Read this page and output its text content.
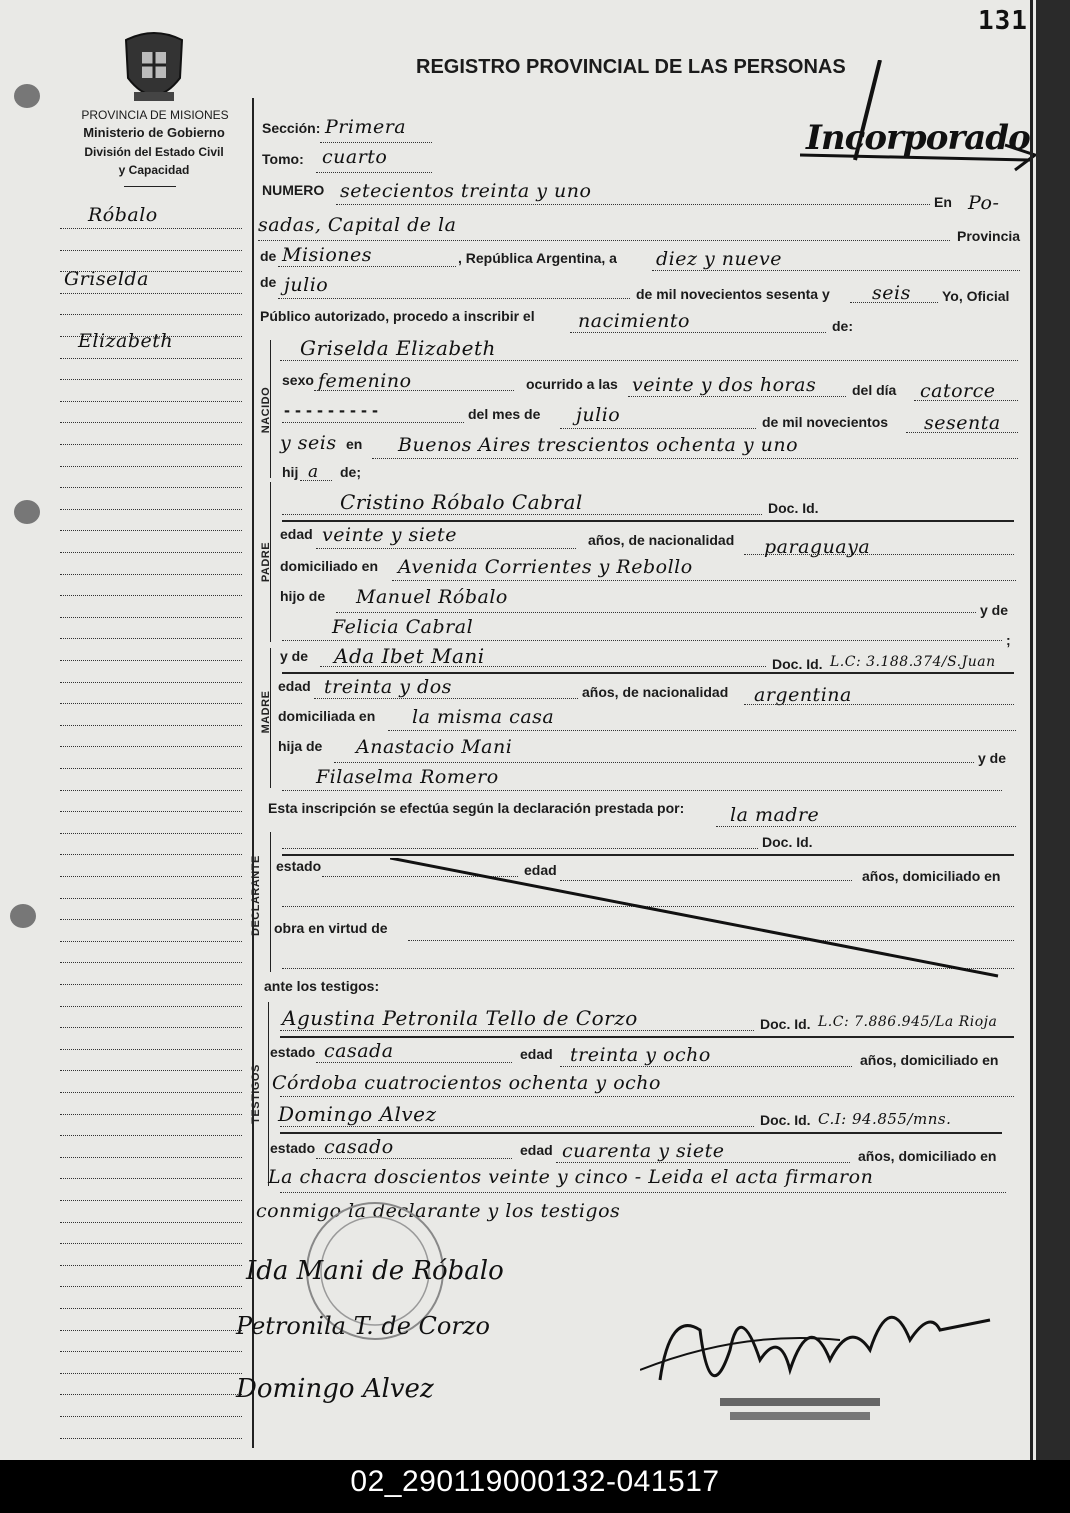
131
REGISTRO PROVINCIAL DE LAS PERSONAS
Incorporado
PROVINCIA DE MISIONES
Ministerio de Gobierno
División del Estado Civil
y Capacidad
Róbalo
Griselda
Elizabeth
Sección: Primera
Tomo: cuarto
NUMERO setecientos treinta y uno	En Po-
sadas, Capital de la	Provincia
de Misiones	, República Argentina, a diez y nueve
de julio	de mil novecientos sesenta y seis Yo, Oficial
Público autorizado, procedo a inscribir el nacimiento	de:
NACIDO
Griselda Elizabeth
sexo femenino	ocurrido a las veinte y dos horas	del día catorce
- - - - - - - - -	del mes de julio	de mil novecientos sesenta
y seis en Buenos Aires trescientos ochenta y uno
hij a de;
PADRE
Cristino Róbalo Cabral	Doc. Id.
edad veinte y siete	años, de nacionalidad paraguaya
domiciliado en Avenida Corrientes y Rebollo
hijo de Manuel Róbalo
y de
Felicia Cabral
;
MADRE
y de Ada Ibet Mani	Doc. Id. L.C: 3.188.374/S.Juan
edad treinta y dos	años, de nacionalidad argentina
domiciliada en la misma casa
hija de Anastacio Mani	y de
Filaselma Romero
Esta inscripción se efectúa según la declaración prestada por: la madre
DECLARANTE
Doc. Id.
estado	edad	años, domiciliado en
obra en virtud de
ante los testigos:
TESTIGOS
Agustina Petronila Tello de Corzo	Doc. Id. L.C: 7.886.945/La Rioja
estado casada	edad treinta y ocho	años, domiciliado en
Córdoba cuatrocientos ochenta y ocho
Domingo Alvez	Doc. Id. C.I: 94.855/mns.
estado casado	edad cuarenta y siete	años, domiciliado en
La chacra doscientos veinte y cinco - Leida el acta firmaron
conmigo la declarante y los testigos
Ida Mani de Róbalo
Petronila T. de Corzo
Domingo Alvez
02_290119000132-041517
